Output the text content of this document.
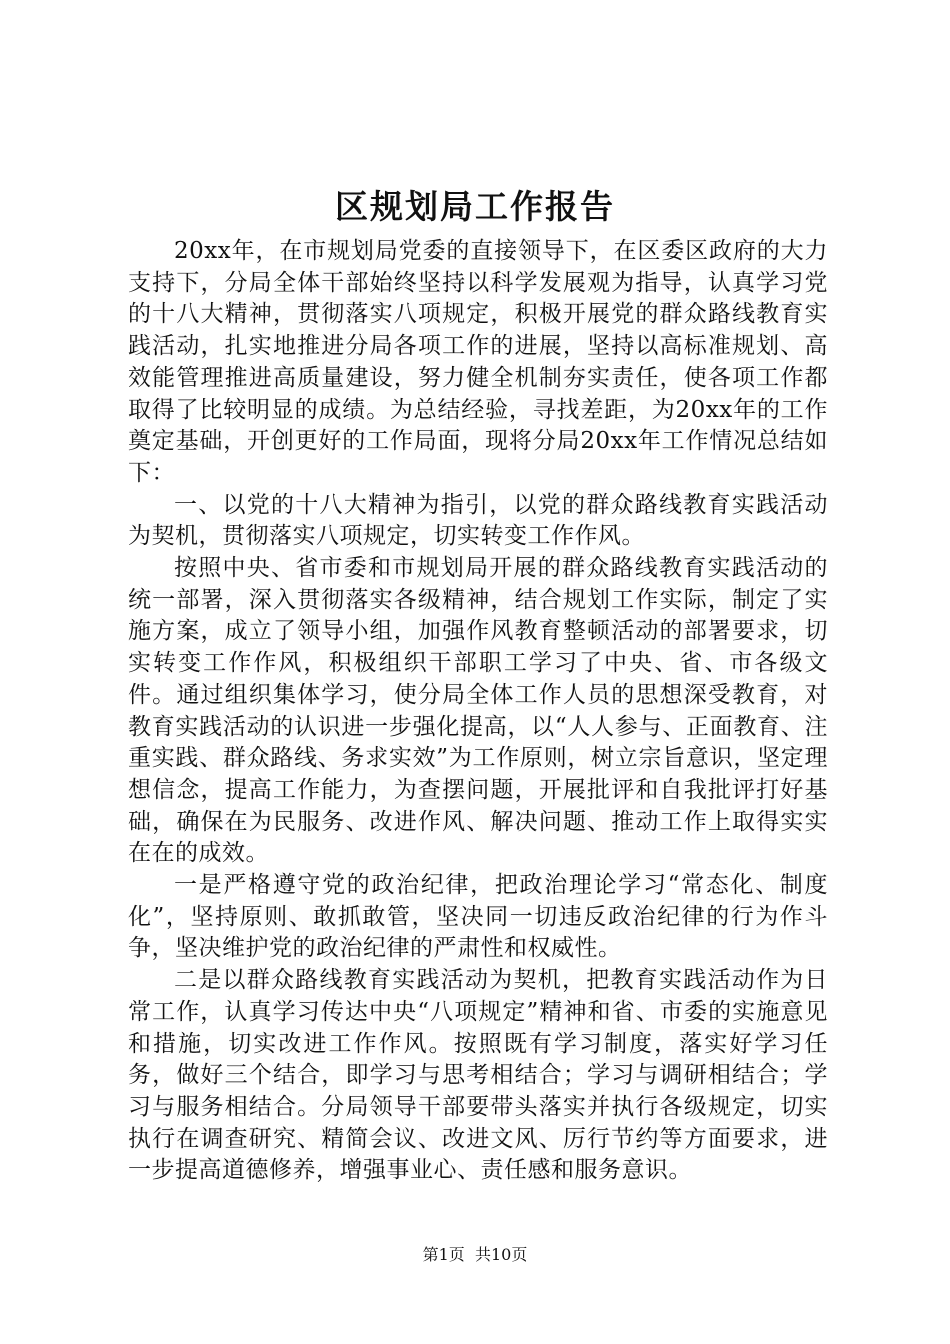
区规划局工作报告

20xx年，在市规划局党委的直接领导下，在区委区政府的大力支持下，分局全体干部始终坚持以科学发展观为指导，认真学习党的十八大精神，贯彻落实八项规定，积极开展党的群众路线教育实践活动，扎实地推进分局各项工作的进展，坚持以高标准规划、高效能管理推进高质量建设，努力健全机制夯实责任，使各项工作都取得了比较明显的成绩。为总结经验，寻找差距，为20xx年的工作奠定基础，开创更好的工作局面，现将分局20xx年工作情况总结如下：

一、以党的十八大精神为指引，以党的群众路线教育实践活动为契机，贯彻落实八项规定，切实转变工作作风。

按照中央、省市委和市规划局开展的群众路线教育实践活动的统一部署，深入贯彻落实各级精神，结合规划工作实际，制定了实施方案，成立了领导小组，加强作风教育整顿活动的部署要求，切实转变工作作风，积极组织干部职工学习了中央、省、市各级文件。通过组织集体学习，使分局全体工作人员的思想深受教育，对教育实践活动的认识进一步强化提高，以“人人参与、正面教育、注重实践、群众路线、务求实效”为工作原则，树立宗旨意识，坚定理想信念，提高工作能力，为查摆问题，开展批评和自我批评打好基础，确保在为民服务、改进作风、解决问题、推动工作上取得实实在在的成效。

一是严格遵守党的政治纪律，把政治理论学习“常态化、制度化”，坚持原则、敢抓敢管，坚决同一切违反政治纪律的行为作斗争，坚决维护党的政治纪律的严肃性和权威性。

二是以群众路线教育实践活动为契机，把教育实践活动作为日常工作，认真学习传达中央“八项规定”精神和省、市委的实施意见和措施，切实改进工作作风。按照既有学习制度，落实好学习任务，做好三个结合，即学习与思考相结合；学习与调研相结合；学习与服务相结合。分局领导干部要带头落实并执行各级规定，切实执行在调查研究、精简会议、改进文风、厉行节约等方面要求，进一步提高道德修养，增强事业心、责任感和服务意识。

第1页 共10页
